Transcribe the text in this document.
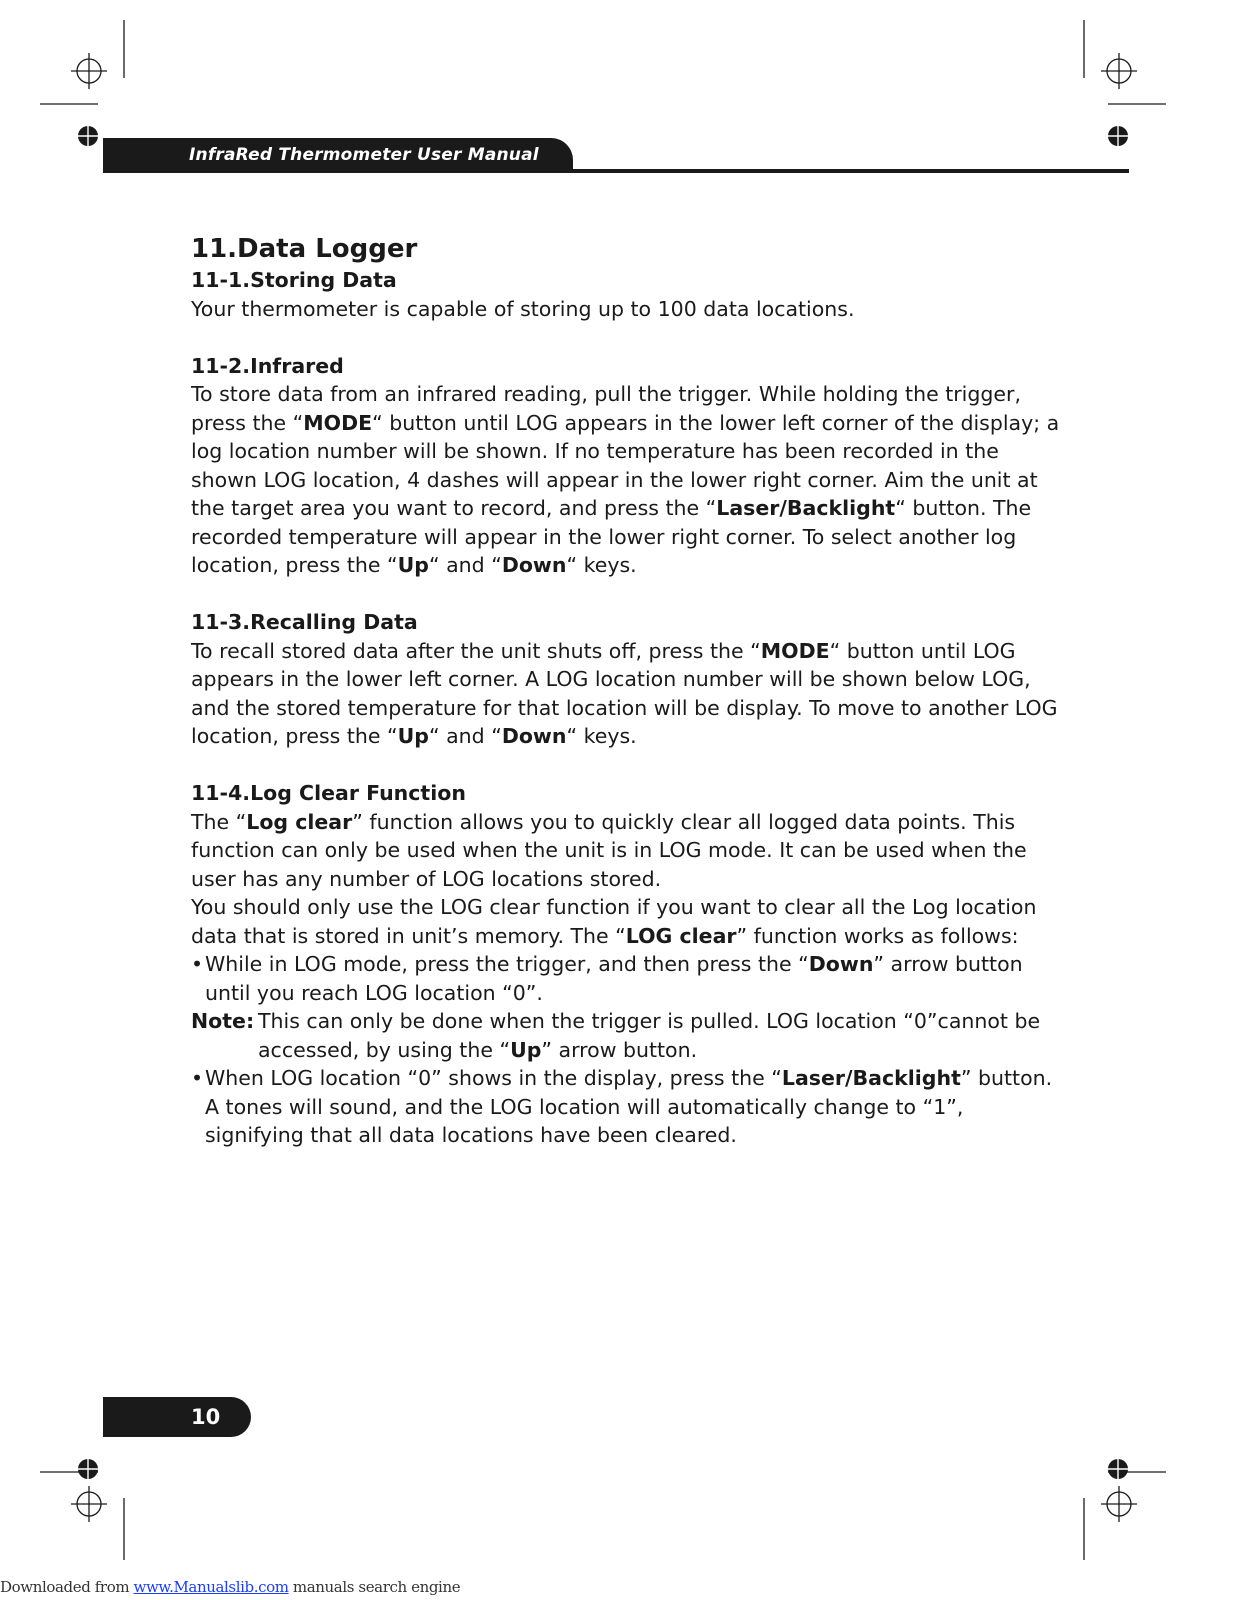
InfraRed Thermometer User Manual
11.Data Logger
11-1.Storing Data

Your thermometer is capable of storing up to 100 data locations.

11-2.Infrared

To store data from an infrared reading, pull the trigger. While holding the trigger, press the “MODE“ button until LOG appears in the lower left corner of the display; a log location number will be shown. If no temperature has been recorded in the shown LOG location, 4 dashes will appear in the lower right corner. Aim the unit at the target area you want to record, and press the “Laser/Backlight“ button. The recorded temperature will appear in the lower right corner. To select another log location, press the “Up“ and “Down“ keys.

11-3.Recalling Data

To recall stored data after the unit shuts off, press the “MODE“ button until LOG appears in the lower left corner. A LOG location number will be shown below LOG, and the stored temperature for that location will be display. To move to another LOG location, press the “Up“ and “Down“ keys.

11-4.Log Clear Function

The “Log clear” function allows you to quickly clear all logged data points. This function can only be used when the unit is in LOG mode. It can be used when the user has any number of LOG locations stored.

You should only use the LOG clear function if you want to clear all the Log location data that is stored in unit’s memory. The “LOG clear” function works as follows:

• While in LOG mode, press the trigger, and then press the “Down” arrow button until you reach LOG location “0”.

Note: This can only be done when the trigger is pulled. LOG location “0”cannot be accessed, by using the “Up” arrow button.

• When LOG location “0” shows in the display, press the “Laser/Backlight” button. A tones will sound, and the LOG location will automatically change to “1”, signifying that all data locations have been cleared.

10
Downloaded from www.Manualslib.com manuals search engine
